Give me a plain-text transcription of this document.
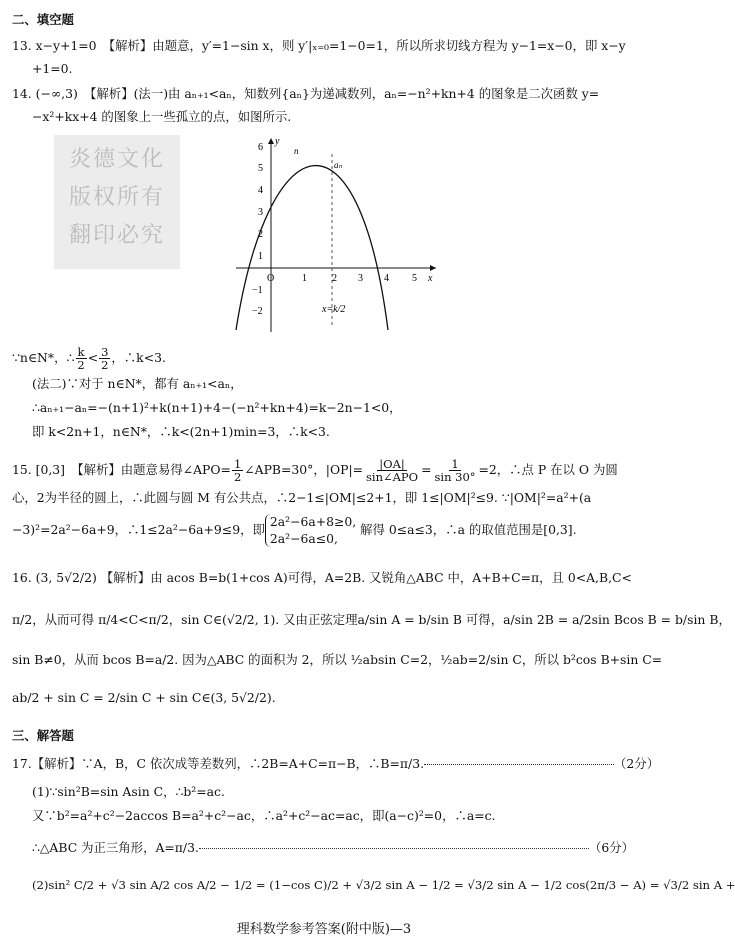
二、填空题
13. x−y+1=0　【解析】由题意，y′=1−sin x，则 y′|ₓ₌₀=1−0=1，所以所求切线方程为 y−1=x−0，即 x−y
+1=0.
14. (−∞,3)　【解析】(法一)由 aₙ₊₁<aₙ，知数列{aₙ}为递减数列，aₙ=−n²+kn+4 的图象是二次函数 y=
−x²+kx+4 的图象上一些孤立的点，如图所示.
炎德文化
版权所有
翻印必究
6
5
4
3
2
1
−1
−2
O	1	2 3 4 5 x
y
n
aₙ
x=k/2
∵n∈N*，∴ $\frac{k}{2} < \frac{3}{2}$ ，∴k<3.
(法二)∵对于 n∈N*，都有 aₙ₊₁<aₙ，
∴aₙ₊₁−aₙ=−(n+1)²+k(n+1)+4−(−n²+kn+4)=k−2n−1<0，
即 k<2n+1，n∈N*，∴k<(2n+1)min=3，∴k<3.
15. [0,3]　【解析】由题意易得∠APO= $\frac{1}{2}$ ∠APB=30°，$|OP|= \frac{|OA|}{\text{sin∠APO}} = \frac{1}{\sin 30^\circ} =2$，∴点 P 在以 O 为圆
心，2为半径的圆上，∴此圆与圆 M 有公共点，∴2−1≤|OM|≤2+1，即 1≤|OM|²≤9. ∵|OM|²=a²+(a
−3)²=2a²−6a+9，∴1≤2a²−6a+9≤9，即
2a²−6a+8≥0,
2a²−6a≤0,
解得 0≤a≤3，∴a 的取值范围是[0,3].
16. (3, 5√2/2) 【解析】由 acos B=b(1+cos A)可得，A=2B. 又锐角△ABC 中，A+B+C=π，且 0<A,B,C<
π/2，从而可得 π/4<C<π/2，sin C∈(√2/2, 1). 又由正弦定理a/sin A = b/sin B 可得，a/sin 2B = a/2sin Bcos B = b/sin B，
sin B≠0，从而 bcos B=a/2. 因为△ABC 的面积为 2，所以 ½absin C=2，½ab=2/sin C，所以 b²cos B+sin C=
ab/2 + sin C = 2/sin C + sin C∈(3, 5√2/2).
三、解答题
17.【解析】∵A，B，C 依次成等差数列，∴2B=A+C=π−B，∴B=π/3.	（2分）
(1)∵sin²B=sin Asin C，∴b²=ac.
又∵b²=a²+c²−2accos B=a²+c²−ac，∴a²+c²−ac=ac，即(a−c)²=0，∴a=c.
∴△ABC 为正三角形，A=π/3.	（6分）
(2)sin² C/2 + √3 sin A/2 cos A/2 − 1/2 = (1−cos C)/2 + √3/2 sin A − 1/2 = √3/2 sin A − 1/2 cos(2π/3 − A) = √3/2 sin A +
理科数学参考答案(附中版)—3
